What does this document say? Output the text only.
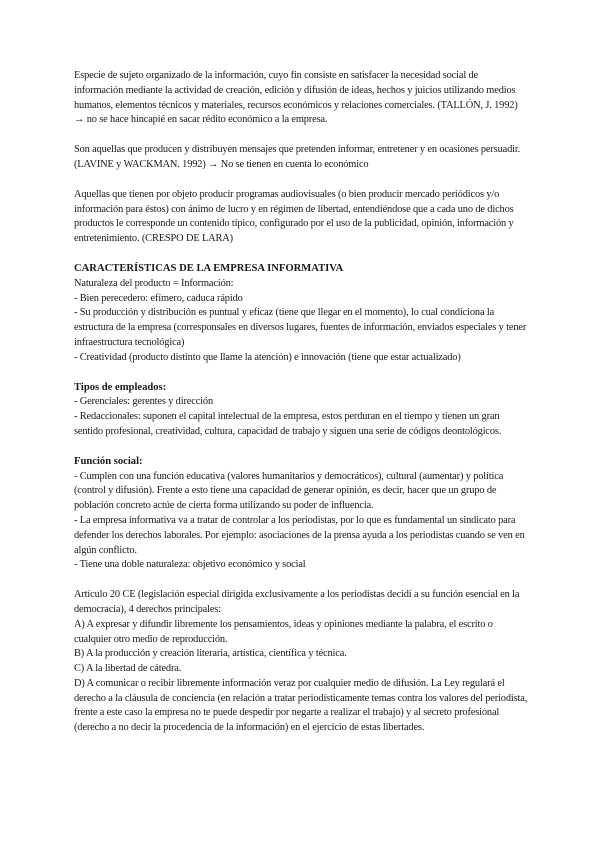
Especie de sujeto organizado de la información, cuyo fin consiste en satisfacer la necesidad social de información mediante la actividad de creación, edición y difusión de ideas, hechos y juicios utilizando medios humanos, elementos técnicos y materiales, recursos económicos y relaciones comerciales. (TALLÓN, J. 1992) → no se hace hincapié en sacar rédito económico a la empresa.

Son aquellas que producen y distribuyen mensajes que pretenden informar, entretener y en ocasiones persuadir. (LAVINE y WACKMAN. 1992) → No se tienen en cuenta lo económico

Aquellas que tienen por objeto producir programas audiovisuales (o bien producir mercado periódicos y/o información para éstos) con ánimo de lucro y en régimen de libertad, entendiéndose que a cada uno de dichos productos le corresponde un contenido típico, configurado por el uso de la publicidad, opinión, información y entretenimiento. (CRESPO DE LARA)

CARACTERÍSTICAS DE LA EMPRESA INFORMATIVA

Naturaleza del producto = Información:

- Bien perecedero: efímero, caduca rápido

- Su producción y distribución es puntual y eficaz (tiene que llegar en el momento), lo cual condiciona la estructura de la empresa (corresponsales en diversos lugares, fuentes de información, enviados especiales y tener infraestructura tecnológica)

- Creatividad (producto distinto que llame la atención) e innovación (tiene que estar actualizado)

Tipos de empleados:

- Gerenciales: gerentes y dirección

- Redaccionales: suponen el capital intelectual de la empresa, estos perduran en el tiempo y tienen un gran sentido profesional, creatividad, cultura, capacidad de trabajo y siguen una serie de códigos deontológicos.

Función social:

- Cumplen con una función educativa (valores humanitarios y democráticos), cultural (aumentar) y política (control y difusión). Frente a esto tiene una capacidad de generar opinión, es decir, hacer que un grupo de población concreto actúe de cierta forma utilizando su poder de influencia.

- La empresa informativa va a tratar de controlar a los periodistas, por lo que es fundamental un sindicato para defender los derechos laborales. Por ejemplo: asociaciones de la prensa ayuda a los periodistas cuando se ven en algún conflicto.

- Tiene una doble naturaleza: objetivo económico y social

Artículo 20 CE (legislación especial dirigida exclusivamente a los periodistas decidí a su función esencial en la democracia), 4 derechos principales:

A) A expresar y difundir libremente los pensamientos, ideas y opiniones mediante la palabra, el escrito o cualquier otro medio de reproducción.

B) A la producción y creación literaria, artística, científica y técnica.

C) A la libertad de cátedra.

D) A comunicar o recibir libremente información veraz por cualquier medio de difusión. La Ley regulará el derecho a la cláusula de conciencia (en relación a tratar periodísticamente temas contra los valores del periodista, frente a este caso la empresa no te puede despedir por negarte a realizar el trabajo) y al secreto profesional (derecho a no decir la procedencia de la información) en el ejercicio de estas libertades.
